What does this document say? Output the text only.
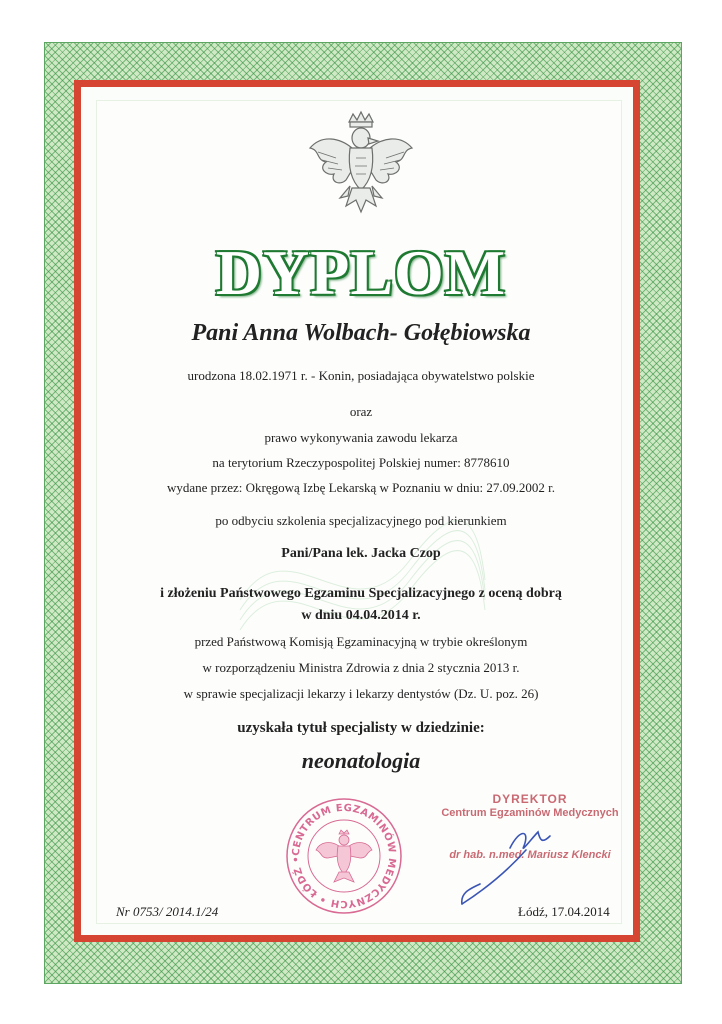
DYPLOM
Pani Anna Wolbach- Gołębiowska
urodzona 18.02.1971 r. - Konin, posiadająca obywatelstwo polskie
oraz
prawo wykonywania zawodu lekarza
na terytorium Rzeczypospolitej Polskiej numer: 8778610
wydane przez: Okręgową Izbę Lekarską w Poznaniu w dniu: 27.09.2002 r.
po odbyciu szkolenia specjalizacyjnego pod kierunkiem
Pani/Pana lek. Jacka Czop
i złożeniu Państwowego Egzaminu Specjalizacyjnego z oceną dobrą
w dniu 04.04.2014 r.
przed Państwową Komisją Egzaminacyjną w trybie określonym
w rozporządzeniu Ministra Zdrowia z dnia 2 stycznia 2013 r.
w sprawie specjalizacji lekarzy i lekarzy dentystów (Dz. U. poz. 26)
uzyskała tytuł specjalisty w dziedzinie:
neonatologia
CENTRUM EGZAMINÓW MEDYCZNYCH • ŁÓDŹ •
DYREKTOR
Centrum Egzaminów Medycznych
dr hab. n.med. Mariusz Klencki
Nr 0753/ 2014.1/24	Łódź, 17.04.2014
